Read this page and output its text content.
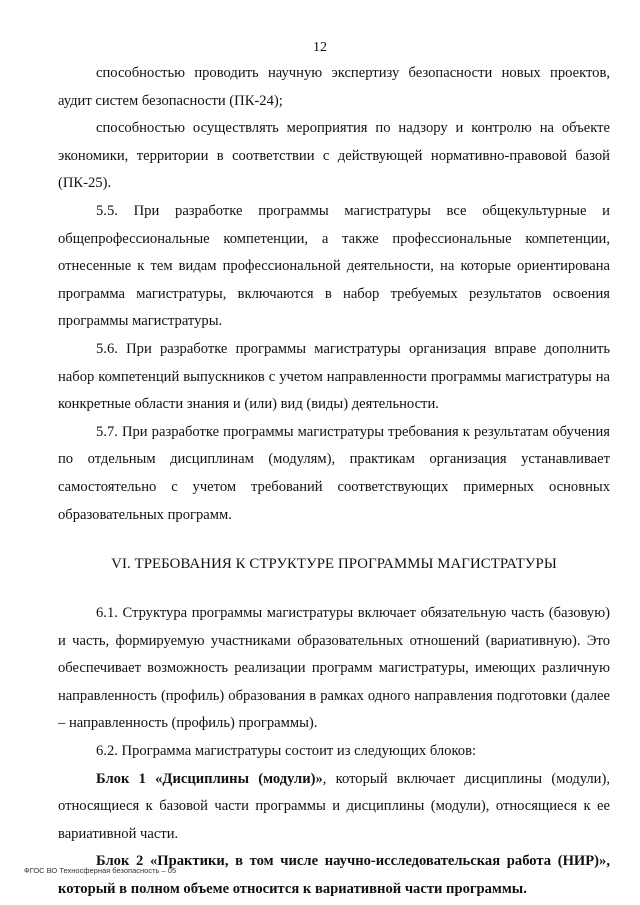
12

способностью проводить научную экспертизу безопасности новых проектов, аудит систем безопасности (ПК-24);

способностью осуществлять мероприятия по надзору и контролю на объекте экономики, территории в соответствии с действующей нормативно-правовой базой (ПК-25).

5.5. При разработке программы магистратуры все общекультурные и общепрофессиональные компетенции, а также профессиональные компетенции, отнесенные к тем видам профессиональной деятельности, на которые ориентирована программа магистратуры, включаются в набор требуемых результатов освоения программы магистратуры.

5.6. При разработке программы магистратуры организация вправе дополнить набор компетенций выпускников с учетом направленности программы магистратуры на конкретные области знания и (или) вид (виды) деятельности.

5.7. При разработке программы магистратуры требования к результатам обучения по отдельным дисциплинам (модулям), практикам организация устанавливает самостоятельно с учетом требований соответствующих примерных основных образовательных программ.

VI. ТРЕБОВАНИЯ К СТРУКТУРЕ ПРОГРАММЫ МАГИСТРАТУРЫ

6.1. Структура программы магистратуры включает обязательную часть (базовую) и часть, формируемую участниками образовательных отношений (вариативную). Это обеспечивает возможность реализации программ магистратуры, имеющих различную направленность (профиль) образования в рамках одного направления подготовки (далее – направленность (профиль) программы).

6.2. Программа магистратуры состоит из следующих блоков:

Блок 1 «Дисциплины (модули)», который включает дисциплины (модули), относящиеся к базовой части программы и дисциплины (модули), относящиеся к ее вариативной части.

Блок 2 «Практики, в том числе научно-исследовательская работа (НИР)», который в полном объеме относится к вариативной части программы.

ФГОС ВО Техносферная безопасность – 05
